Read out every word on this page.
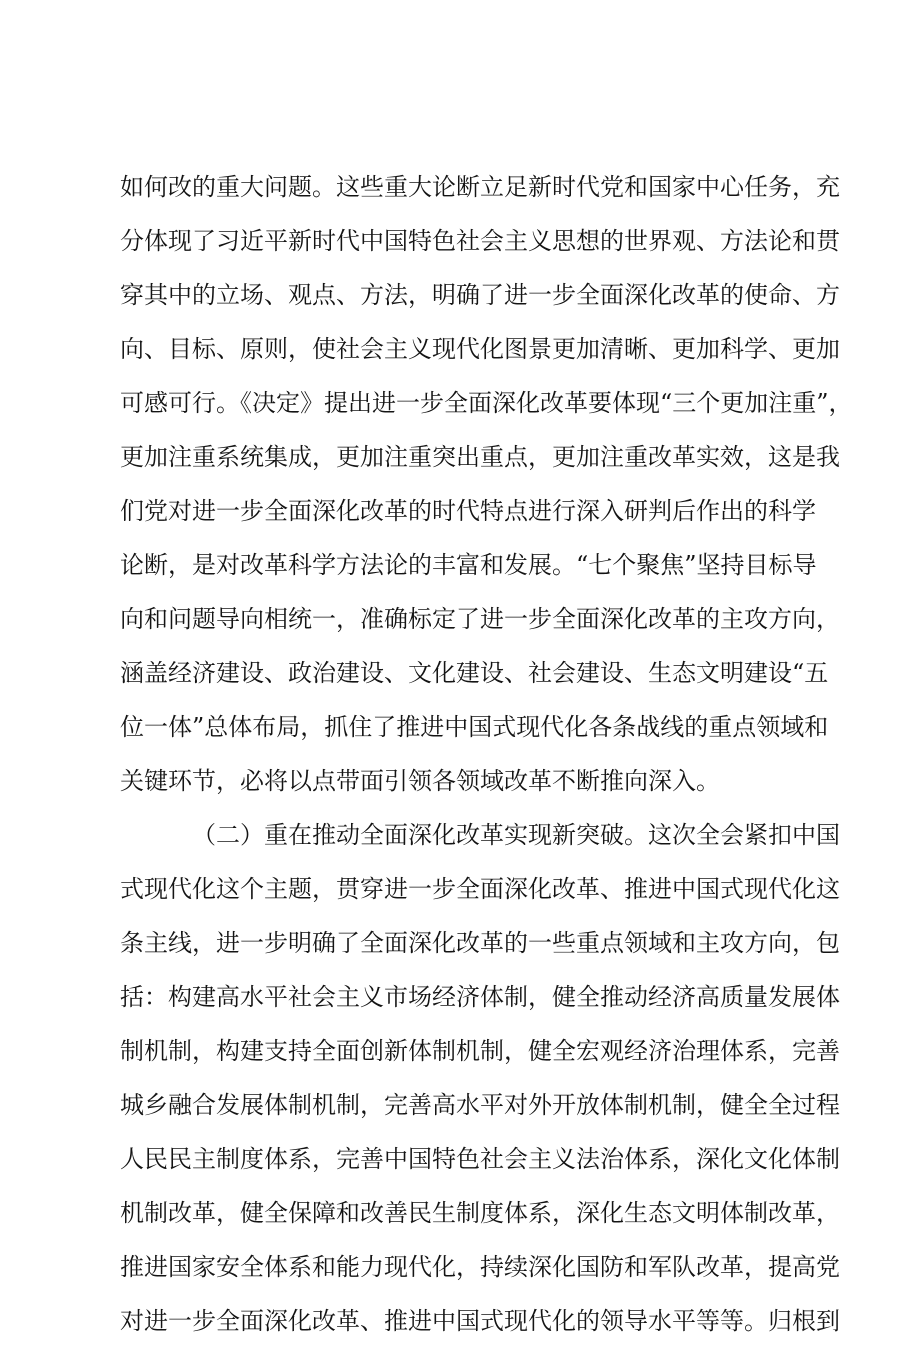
如何改的重大问题。这些重大论断立足新时代党和国家中心任务，充
分体现了习近平新时代中国特色社会主义思想的世界观、方法论和贯
穿其中的立场、观点、方法，明确了进一步全面深化改革的使命、方
向、目标、原则，使社会主义现代化图景更加清晰、更加科学、更加
可感可行。《决定》提出进一步全面深化改革要体现“三个更加注重”，
更加注重系统集成，更加注重突出重点，更加注重改革实效，这是我
们党对进一步全面深化改革的时代特点进行深入研判后作出的科学
论断，是对改革科学方法论的丰富和发展。“七个聚焦”坚持目标导
向和问题导向相统一，准确标定了进一步全面深化改革的主攻方向，
涵盖经济建设、政治建设、文化建设、社会建设、生态文明建设“五
位一体”总体布局，抓住了推进中国式现代化各条战线的重点领域和
关键环节，必将以点带面引领各领域改革不断推向深入。
（二）重在推动全面深化改革实现新突破。这次全会紧扣中国
式现代化这个主题，贯穿进一步全面深化改革、推进中国式现代化这
条主线，进一步明确了全面深化改革的一些重点领域和主攻方向，包
括：构建高水平社会主义市场经济体制，健全推动经济高质量发展体
制机制，构建支持全面创新体制机制，健全宏观经济治理体系，完善
城乡融合发展体制机制，完善高水平对外开放体制机制，健全全过程
人民民主制度体系，完善中国特色社会主义法治体系，深化文化体制
机制改革，健全保障和改善民生制度体系，深化生态文明体制改革，
推进国家安全体系和能力现代化，持续深化国防和军队改革，提高党
对进一步全面深化改革、推进中国式现代化的领导水平等等。归根到
